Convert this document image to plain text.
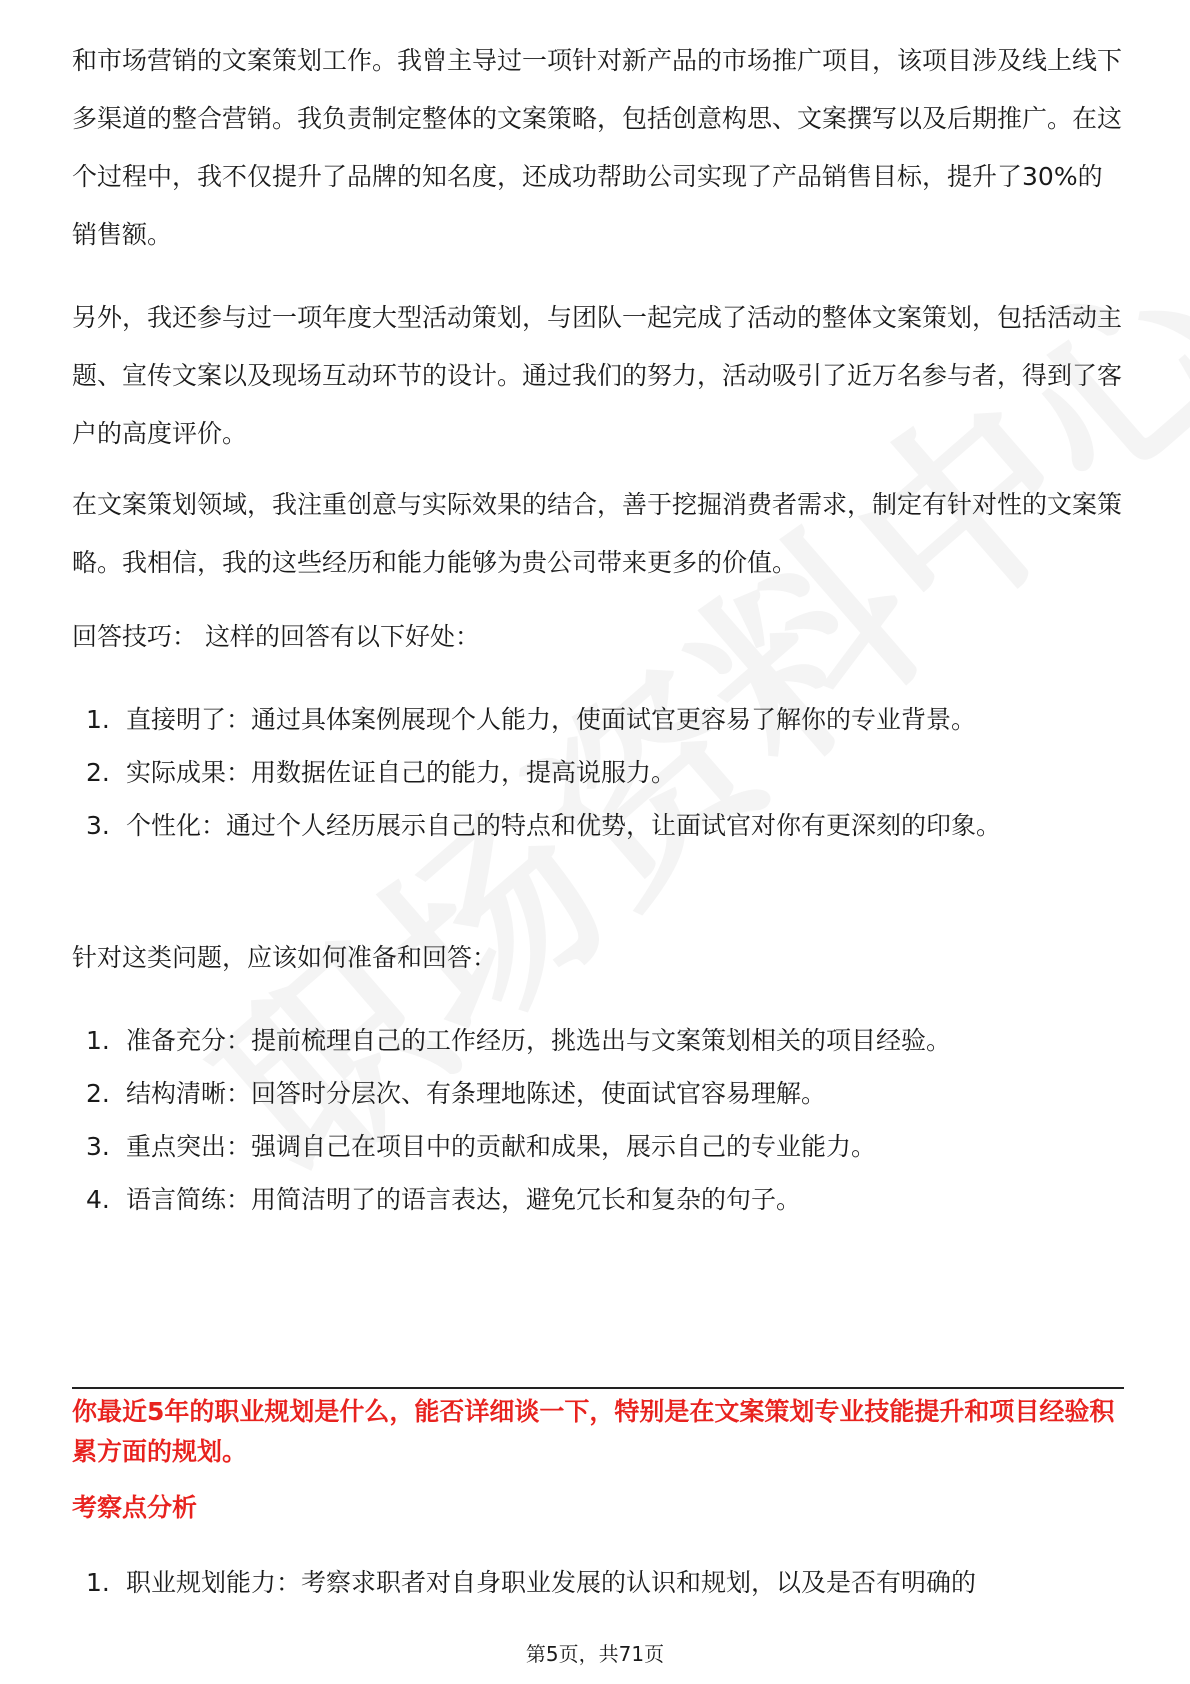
和市场营销的文案策划工作。我曾主导过一项针对新产品的市场推广项目，该项目涉及线上线下多渠道的整合营销。我负责制定整体的文案策略，包括创意构思、文案撰写以及后期推广。在这个过程中，我不仅提升了品牌的知名度，还成功帮助公司实现了产品销售目标，提升了30%的销售额。

另外，我还参与过一项年度大型活动策划，与团队一起完成了活动的整体文案策划，包括活动主题、宣传文案以及现场互动环节的设计。通过我们的努力，活动吸引了近万名参与者，得到了客户的高度评价。

在文案策划领域，我注重创意与实际效果的结合，善于挖掘消费者需求，制定有针对性的文案策略。我相信，我的这些经历和能力能够为贵公司带来更多的价值。

回答技巧： 这样的回答有以下好处：

1. 直接明了：通过具体案例展现个人能力，使面试官更容易了解你的专业背景。
2. 实际成果：用数据佐证自己的能力，提高说服力。
3. 个性化：通过个人经历展示自己的特点和优势，让面试官对你有更深刻的印象。

针对这类问题，应该如何准备和回答：

1. 准备充分：提前梳理自己的工作经历，挑选出与文案策划相关的项目经验。
2. 结构清晰：回答时分层次、有条理地陈述，使面试官容易理解。
3. 重点突出：强调自己在项目中的贡献和成果，展示自己的专业能力。
4. 语言简练：用简洁明了的语言表达，避免冗长和复杂的句子。

你最近5年的职业规划是什么，能否详细谈一下，特别是在文案策划专业技能提升和项目经验积累方面的规划。

考察点分析

1. 职业规划能力：考察求职者对自身职业发展的认识和规划，以及是否有明确的
第5页，共71页
